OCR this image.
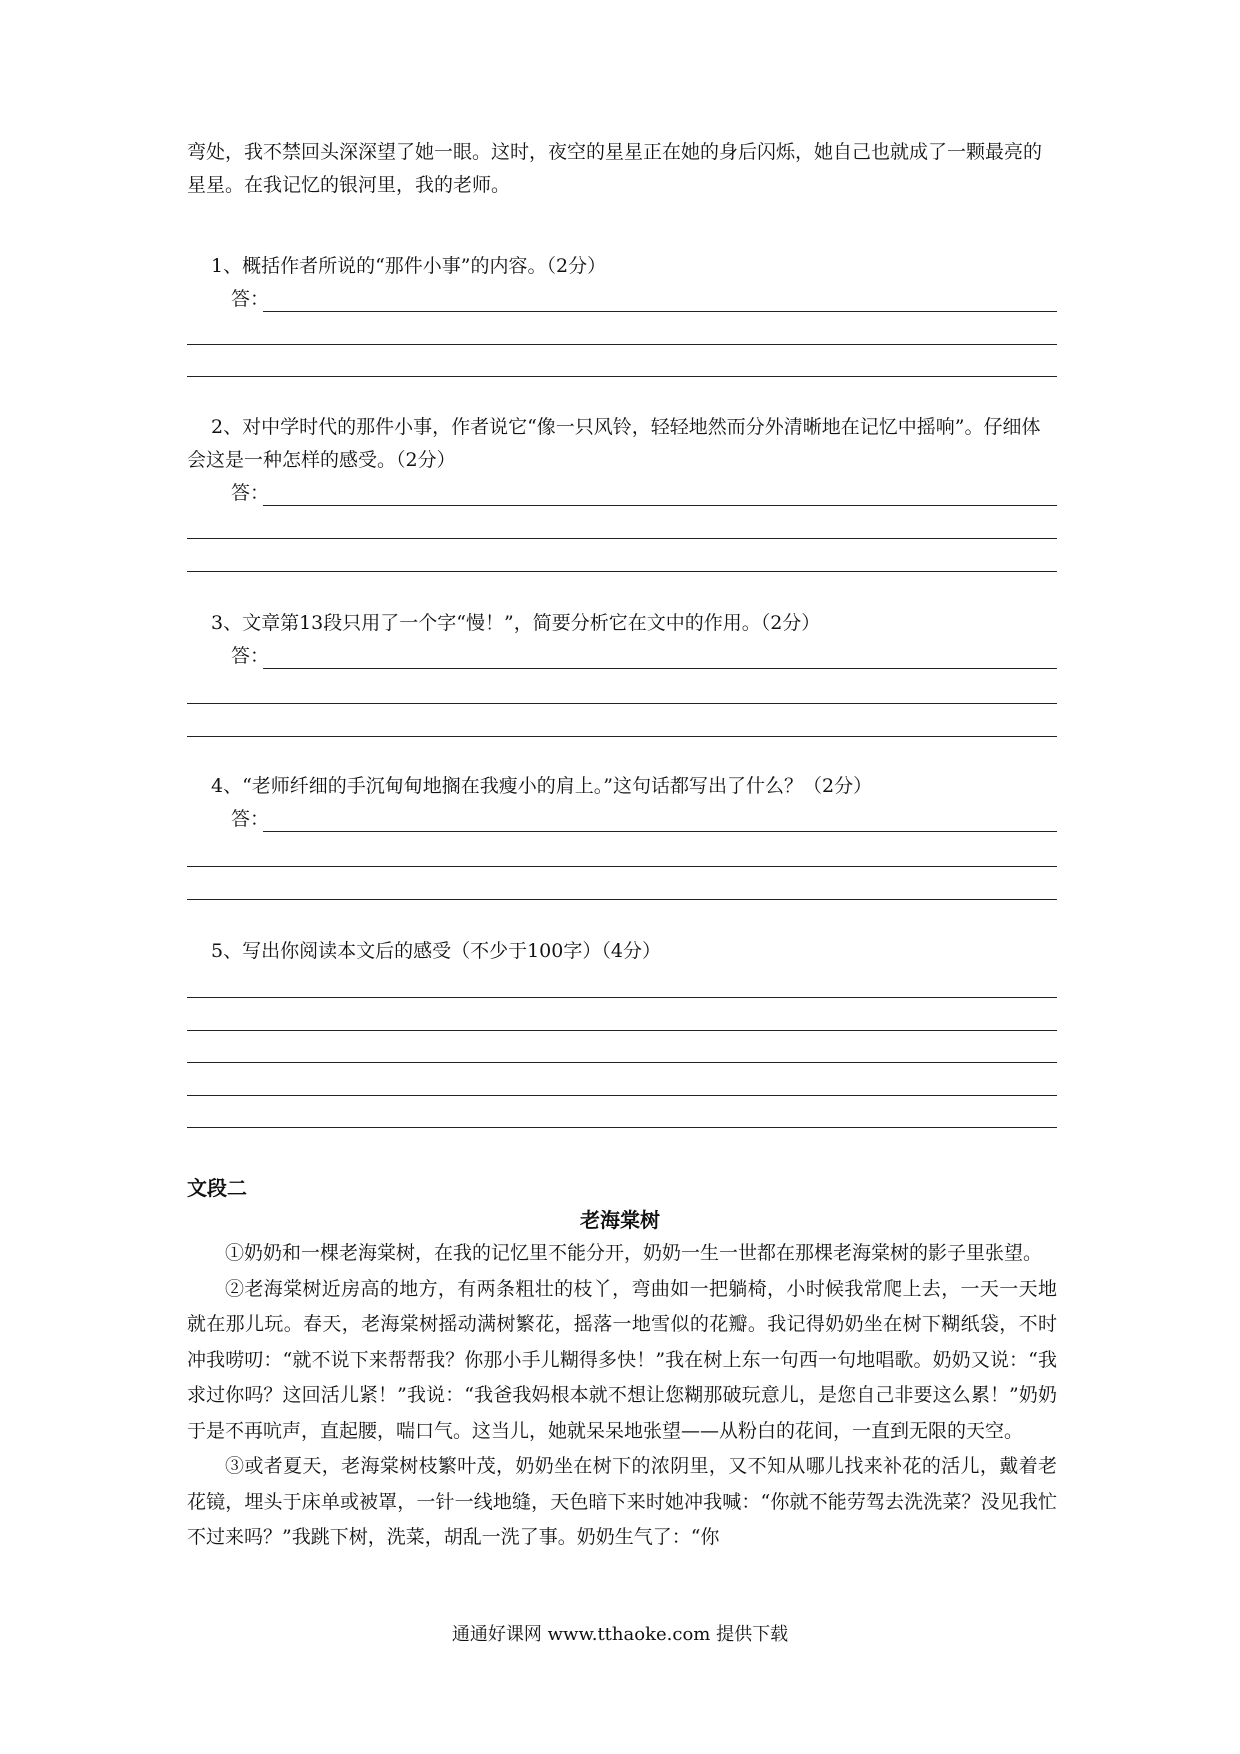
弯处，我不禁回头深深望了她一眼。这时，夜空的星星正在她的身后闪烁，她自己也就成了一颗最亮的星星。在我记忆的银河里，我的老师。
1、概括作者所说的“那件小事”的内容。（2分）
答：
2、对中学时代的那件小事，作者说它“像一只风铃，轻轻地然而分外清晰地在记忆中摇响”。仔细体会这是一种怎样的感受。（2分）
答：
3、文章第13段只用了一个字“慢！”，简要分析它在文中的作用。（2分）
答：
4、“老师纤细的手沉甸甸地搁在我瘦小的肩上。”这句话都写出了什么？（2分）
答：
5、写出你阅读本文后的感受（不少于100字）（4分）
文段二
老海棠树

①奶奶和一棵老海棠树，在我的记忆里不能分开，奶奶一生一世都在那棵老海棠树的影子里张望。

②老海棠树近房高的地方，有两条粗壮的枝丫，弯曲如一把躺椅，小时候我常爬上去，一天一天地就在那儿玩。春天，老海棠树摇动满树繁花，摇落一地雪似的花瓣。我记得奶奶坐在树下糊纸袋，不时冲我唠叨：“就不说下来帮帮我？你那小手儿糊得多快！”我在树上东一句西一句地唱歌。奶奶又说：“我求过你吗？这回活儿紧！”我说：“我爸我妈根本就不想让您糊那破玩意儿，是您自己非要这么累！”奶奶于是不再吭声，直起腰，喘口气。这当儿，她就呆呆地张望——从粉白的花间，一直到无限的天空。

③或者夏天，老海棠树枝繁叶茂，奶奶坐在树下的浓阴里，又不知从哪儿找来补花的活儿，戴着老花镜，埋头于床单或被罩，一针一线地缝，天色暗下来时她冲我喊：“你就不能劳驾去洗洗菜？没见我忙不过来吗？”我跳下树，洗菜，胡乱一洗了事。奶奶生气了：“你

通通好课网 www.tthaoke.com 提供下载
